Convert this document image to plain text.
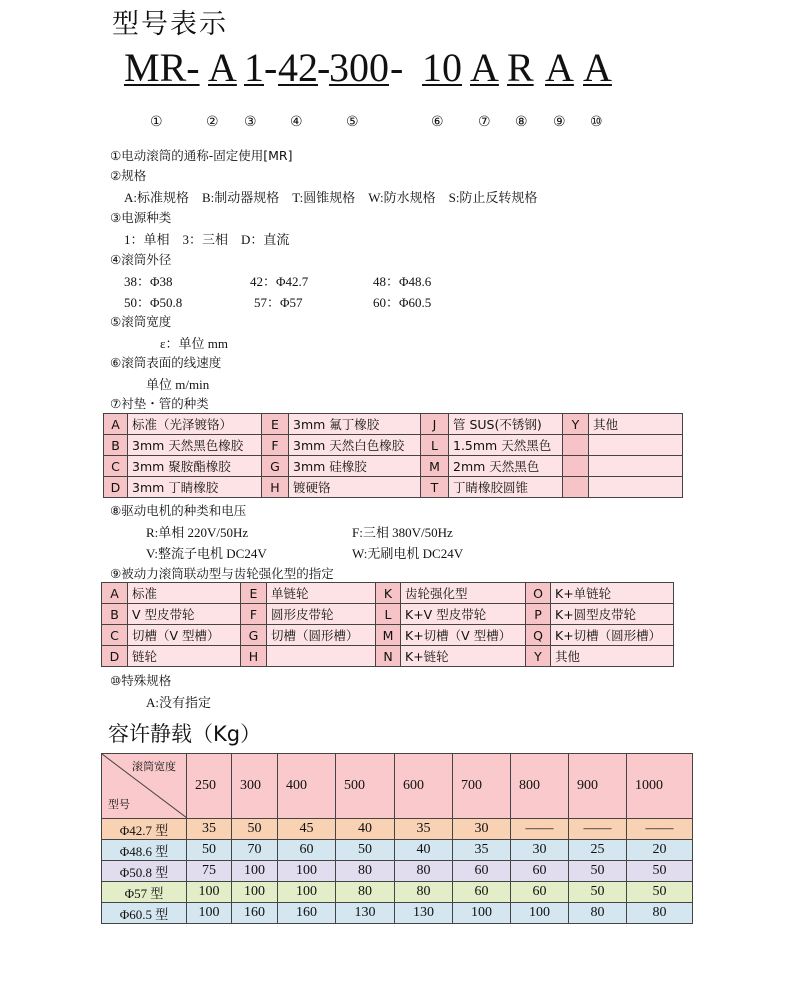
型号表示
MR- A 1 - 42 -
300 - 10 A R A A
①	② ③ ④	⑤	⑥ ⑦ ⑧ ⑨ ⑩
①电动滚筒的通称-固定使用[MR]
②规格
A:标准规格　B:制动器规格　T:圆锥规格　W:防水规格　S:防止反转规格
③电源种类
1：单相　3：三相　D：直流
④滚筒外径
38：Φ38	42：Φ42.7	48：Φ48.6
50：Φ50.8	57：Φ57	60：Φ60.5
⑤滚筒宽度
ε：单位 mm
⑥滚筒表面的线速度
单位 m/min
⑦衬垫・管的种类
A	标准（光泽镀铬）	E	3mm 氟丁橡胶	J	管 SUS(不锈钢)	Y	其他
B	3mm 天然黑色橡胶	F	3mm 天然白色橡胶	L	1.5mm 天然黑色		
C	3mm 聚胺酯橡胶	G	3mm 硅橡胶	M	2mm 天然黑色		
D	3mm 丁睛橡胶	H	镀硬铬	T	丁睛橡胶圆锥		
⑧驱动电机的种类和电压
R:单相 220V/50Hz	F:三相 380V/50Hz
V:整流子电机 DC24V	W:无刷电机 DC24V
⑨被动力滚筒联动型与齿轮强化型的指定
A	标准	E	单链轮	K	齿轮强化型	O	K+单链轮
B	V 型皮带轮	F	圆形皮带轮	L	K+V 型皮带轮	P	K+圆型皮带轮
C	切槽（V 型槽）	G	切槽（圆形槽）	M	K+切槽（V 型槽）	Q	K+切槽（圆形槽）
D	链轮	H		N	K+链轮	Y	其他
⑩特殊规格
A:没有指定
容许静载（Kg）
滚筒宽度
型号	250	300	400	500	600	700	800	900	1000
Φ42.7 型	35	50	45	40	35	30	——	——	——
Φ48.6 型	50	70	60	50	40	35	30	25	20
Φ50.8 型	75	100	100	80	80	60	60	50	50
Φ57 型	100	100	100	80	80	60	60	50	50
Φ60.5 型	100	160	160	130	130	100	100	80	80
